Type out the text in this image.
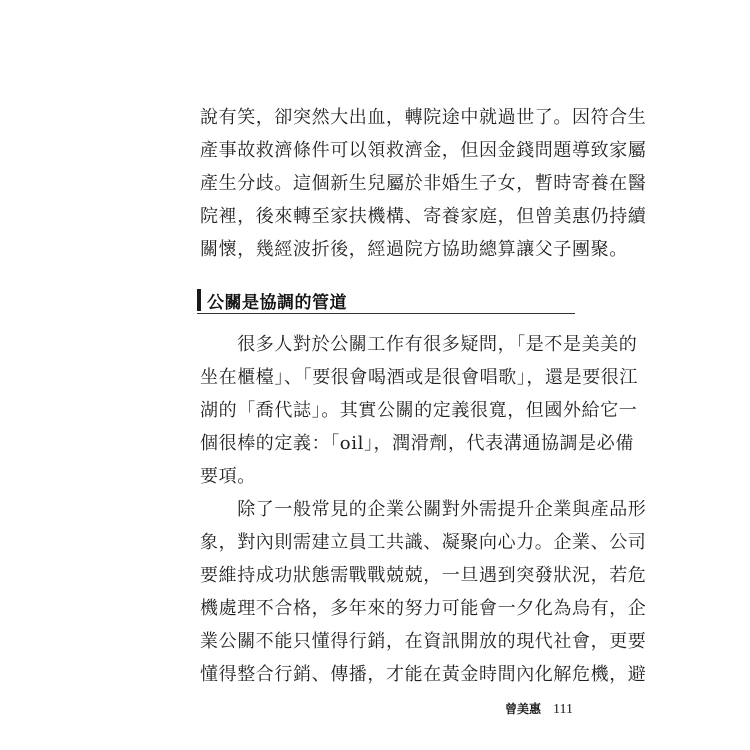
說有笑，卻突然大出血，轉院途中就過世了。因符合生
產事故救濟條件可以領救濟金，但因金錢問題導致家屬
產生分歧。這個新生兒屬於非婚生子女，暫時寄養在醫
院裡，後來轉至家扶機構、寄養家庭，但曾美惠仍持續
關懷，幾經波折後，經過院方協助總算讓父子團聚。
公關是協調的管道
　　很多人對於公關工作有很多疑問，「是不是美美的
坐在櫃檯」、「要很會喝酒或是很會唱歌」，還是要很江
湖的「喬代誌」。其實公關的定義很寬，但國外給它一
個很棒的定義：「oil」，潤滑劑，代表溝通協調是必備
要項。
　　除了一般常見的企業公關對外需提升企業與產品形
象，對內則需建立員工共識、凝聚向心力。企業、公司
要維持成功狀態需戰戰兢兢，一旦遇到突發狀況，若危
機處理不合格，多年來的努力可能會一夕化為烏有，企
業公關不能只懂得行銷，在資訊開放的現代社會，更要
懂得整合行銷、傳播，才能在黃金時間內化解危機，避
曾美惠 111
